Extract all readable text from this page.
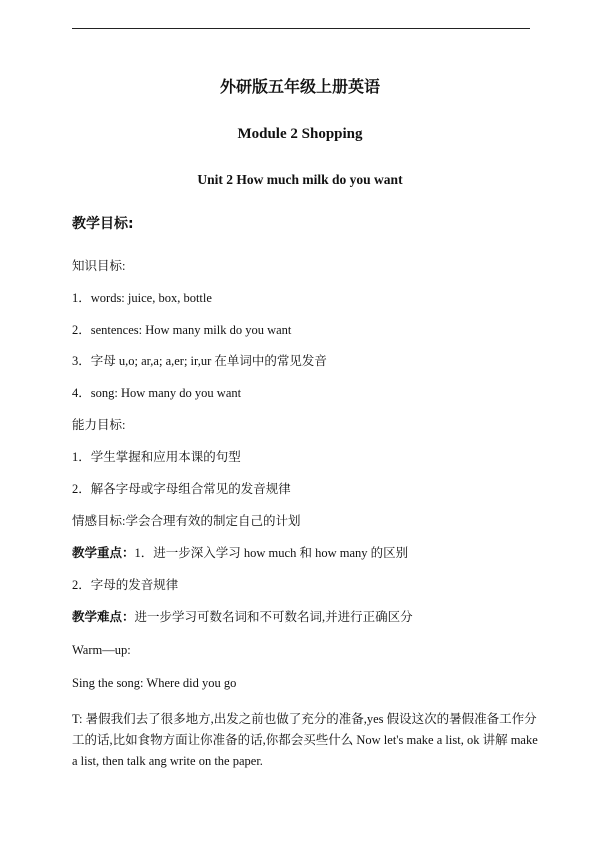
外研版五年级上册英语
Module 2 Shopping
Unit 2 How much milk do you want
教学目标:
知识目标:
1．words: juice, box, bottle
2．sentences: How many milk do you want
3．字母 u,o; ar,a; a,er; ir,ur 在单词中的常见发音
4．song: How many do you want
能力目标:
1．学生掌握和应用本课的句型
2．解各字母或字母组合常见的发音规律
情感目标:学会合理有效的制定自己的计划
教学重点：1．进一步深入学习 how much 和 how many 的区别
2．字母的发音规律
教学难点：进一步学习可数名词和不可数名词,并进行正确区分
Warm—up:
Sing the song: Where did you go
T: 暑假我们去了很多地方,出发之前也做了充分的准备,yes 假设这次的暑假准备工作分
工的话,比如食物方面让你准备的话,你都会买些什么 Now let's make a list, ok 讲解 make
a list, then talk ang write on the paper.
